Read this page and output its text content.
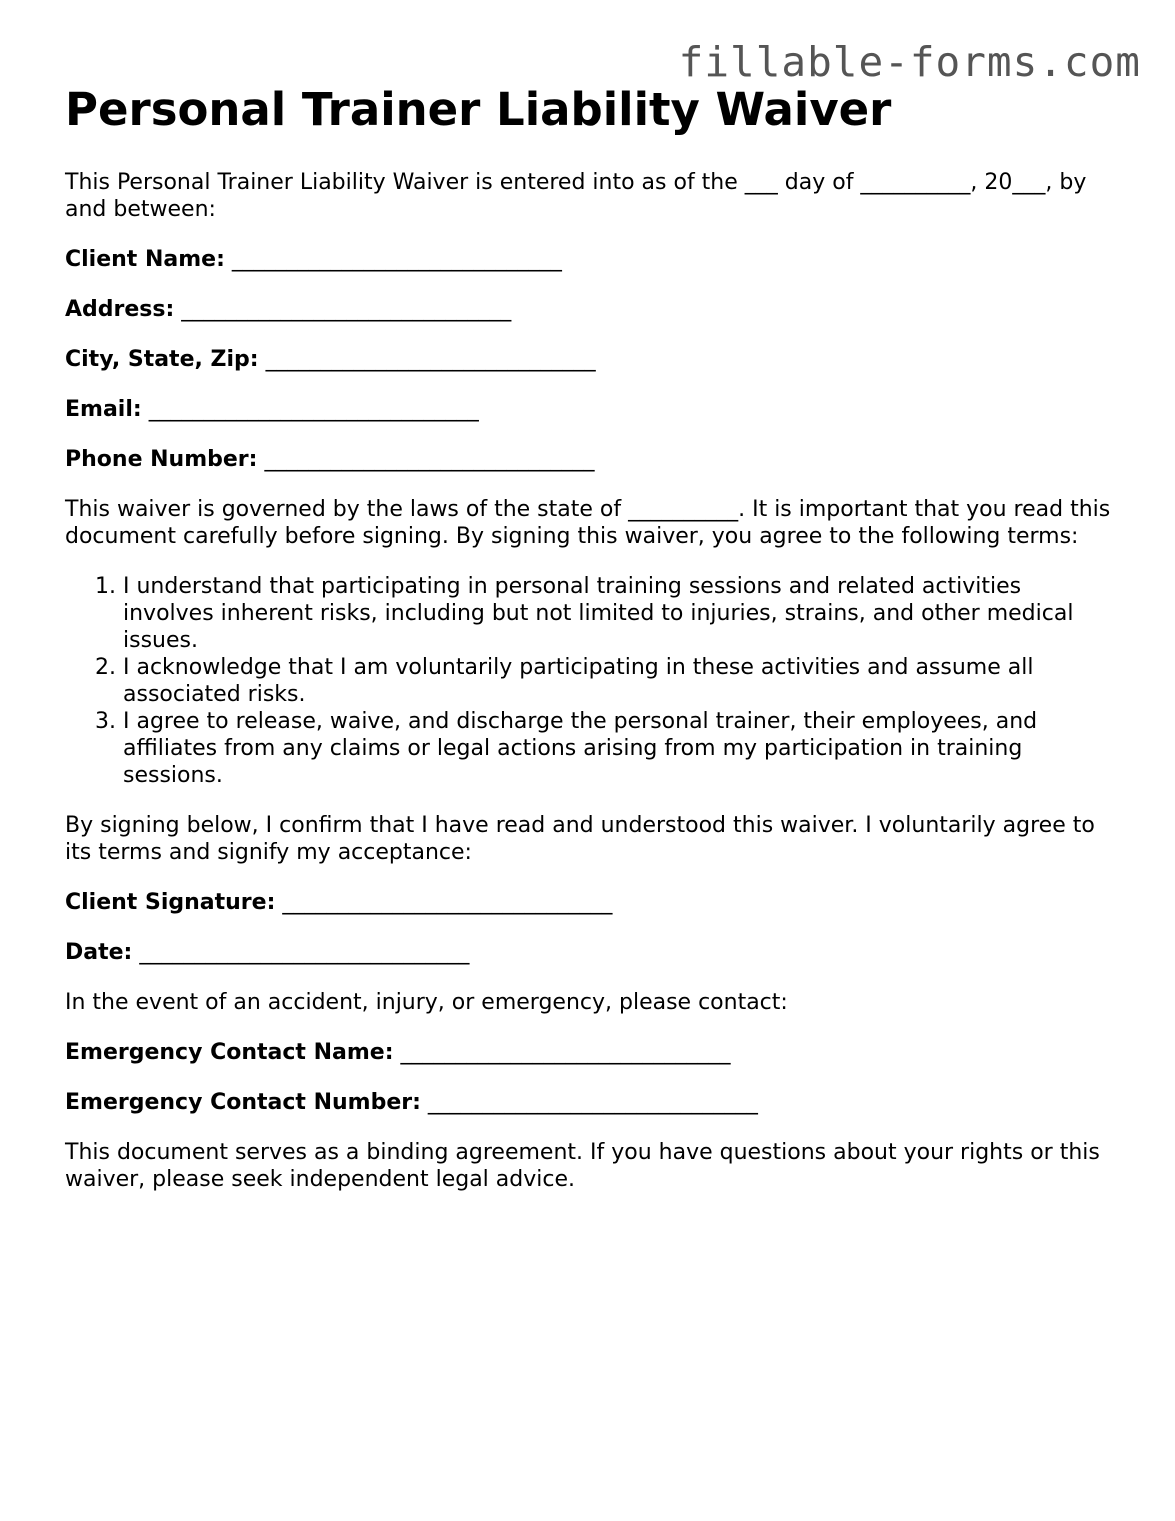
fillable-forms.com
Personal Trainer Liability Waiver

This Personal Trainer Liability Waiver is entered into as of the ___ day of __________, 20___, by and between:

Client Name: ______________________________
Address: ______________________________
City, State, Zip: ______________________________
Email: ______________________________
Phone Number: ______________________________

This waiver is governed by the laws of the state of __________. It is important that you read this document carefully before signing. By signing this waiver, you agree to the following terms:

1. I understand that participating in personal training sessions and related activities involves inherent risks, including but not limited to injuries, strains, and other medical issues.
2. I acknowledge that I am voluntarily participating in these activities and assume all associated risks.
3. I agree to release, waive, and discharge the personal trainer, their employees, and affiliates from any claims or legal actions arising from my participation in training sessions.

By signing below, I confirm that I have read and understood this waiver. I voluntarily agree to its terms and signify my acceptance:

Client Signature: ______________________________
Date: ______________________________

In the event of an accident, injury, or emergency, please contact:

Emergency Contact Name: ______________________________
Emergency Contact Number: ______________________________

This document serves as a binding agreement. If you have questions about your rights or this waiver, please seek independent legal advice.
